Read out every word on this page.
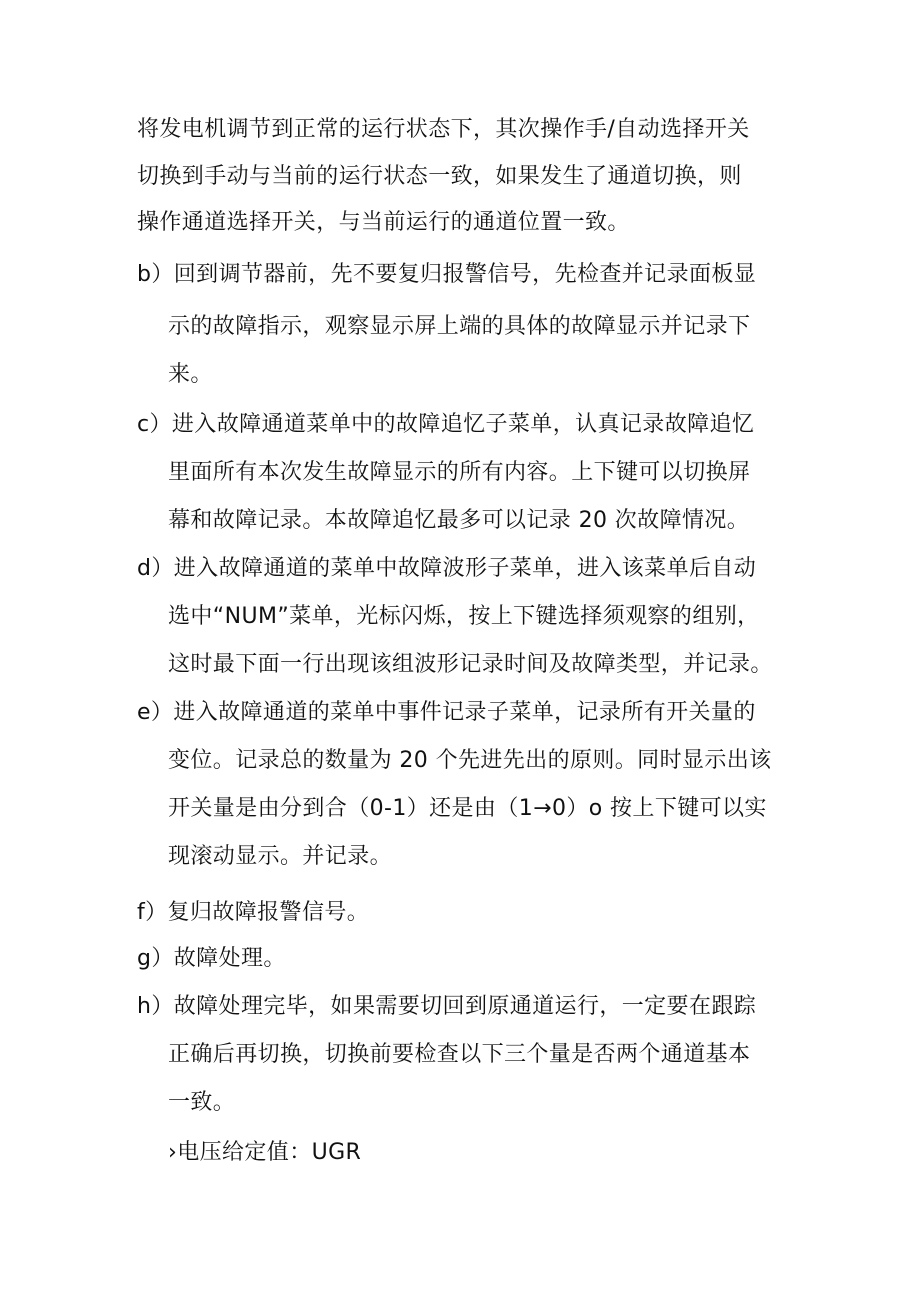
将发电机调节到正常的运行状态下，其次操作手/自动选择开关
切换到手动与当前的运行状态一致，如果发生了通道切换，则
操作通道选择开关，与当前运行的通道位置一致。
b）回到调节器前，先不要复归报警信号，先检查并记录面板显
示的故障指示，观察显示屏上端的具体的故障显示并记录下
来。
c）进入故障通道菜单中的故障追忆子菜单，认真记录故障追忆
里面所有本次发生故障显示的所有内容。上下键可以切换屏
幕和故障记录。本故障追忆最多可以记录 20 次故障情况。
d）进入故障通道的菜单中故障波形子菜单，进入该菜单后自动
选中“NUM”菜单，光标闪烁，按上下键选择须观察的组别，
这时最下面一行出现该组波形记录时间及故障类型，并记录。
e）进入故障通道的菜单中事件记录子菜单，记录所有开关量的
变位。记录总的数量为 20 个先进先出的原则。同时显示出该
开关量是由分到合（0-1）还是由（1→0）o 按上下键可以实
现滚动显示。并记录。
f）复归故障报警信号。
g）故障处理。
h）故障处理完毕，如果需要切回到原通道运行，一定要在跟踪
正确后再切换，切换前要检查以下三个量是否两个通道基本
一致。
›电压给定值：UGR
